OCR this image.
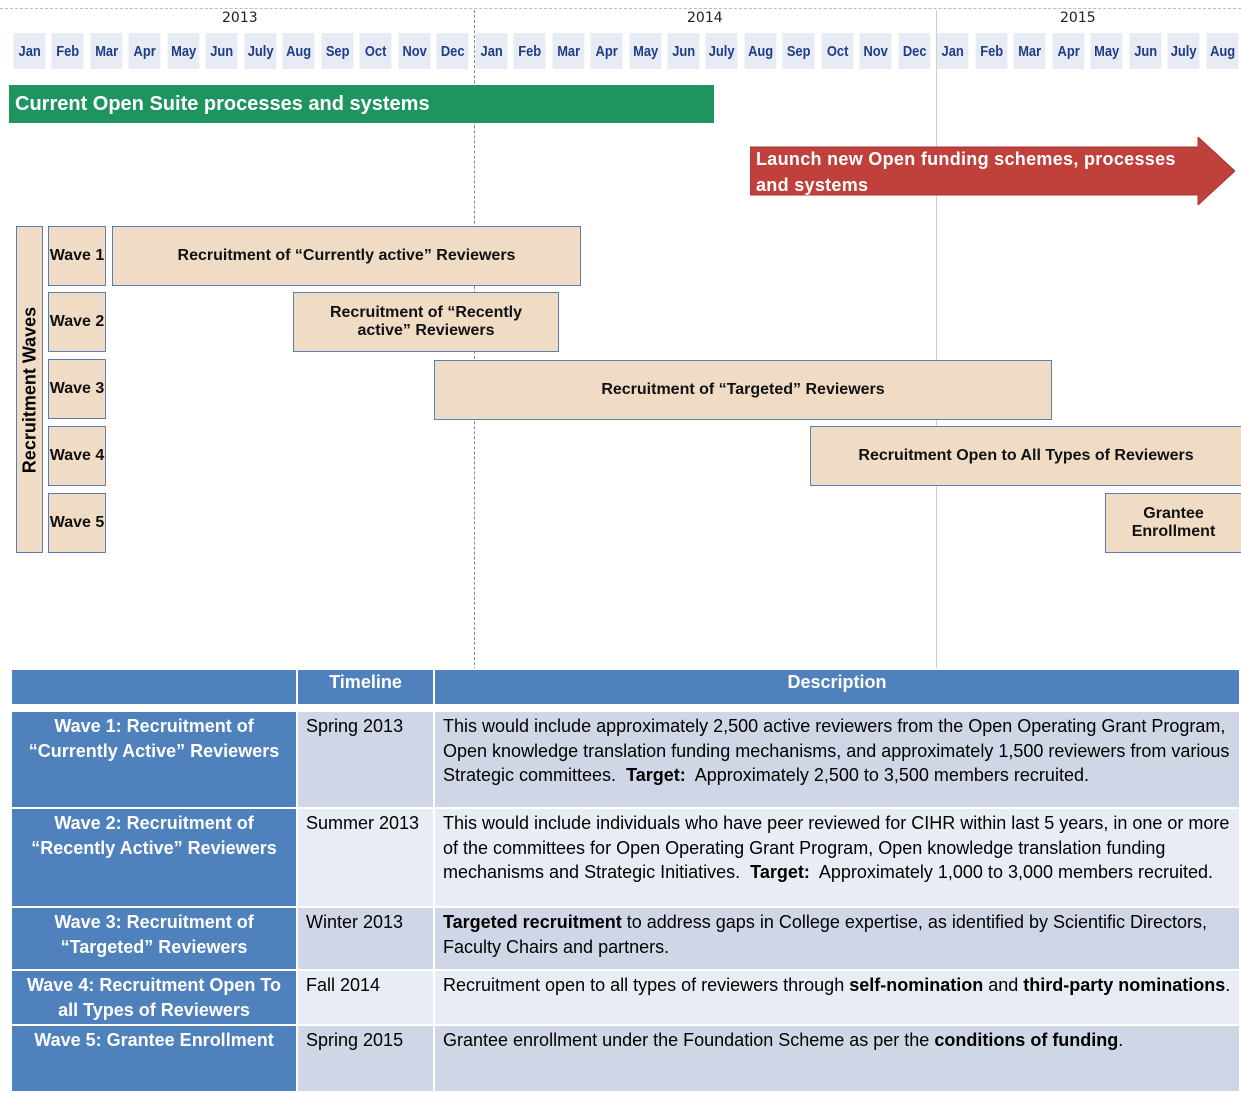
2013	2014	2015
Jan	Feb	Mar	Apr May Jun July Aug Sep	Oct	Nov Dec	Jan	Feb	Mar	Apr May Jun July Aug Sep	Oct	Nov Dec	Jan	Feb	Mar	Apr May Jun July Aug
Current Open Suite processes and systems
Launch new Open funding schemes, processes and systems
Recruitment Waves
Wave 1
Wave 2
Wave 3
Wave 4
Wave 5
Recruitment of “Currently active” Reviewers
Recruitment of “Recently active” Reviewers
Recruitment of “Targeted” Reviewers
Recruitment Open to All Types of Reviewers
Grantee Enrollment
	Timeline	Description

Wave 1: Recruitment of “Currently Active” Reviewers	Spring 2013	This would include approximately 2,500 active reviewers from the Open Operating Grant Program, Open knowledge translation funding mechanisms, and approximately 1,500 reviewers from various Strategic committees. Target: Approximately 2,500 to 3,500 members recruited.
Wave 2: Recruitment of “Recently Active” Reviewers	Summer 2013	This would include individuals who have peer reviewed for CIHR within last 5 years, in one or more of the committees for Open Operating Grant Program, Open knowledge translation funding mechanisms and Strategic Initiatives. Target: Approximately 1,000 to 3,000 members recruited.
Wave 3: Recruitment of “Targeted” Reviewers	Winter 2013	Targeted recruitment to address gaps in College expertise, as identified by Scientific Directors, Faculty Chairs and partners.
Wave 4: Recruitment Open To all Types of Reviewers	Fall 2014	Recruitment open to all types of reviewers through self-nomination and third-party nominations.
Wave 5: Grantee Enrollment	Spring 2015	Grantee enrollment under the Foundation Scheme as per the conditions of funding.
